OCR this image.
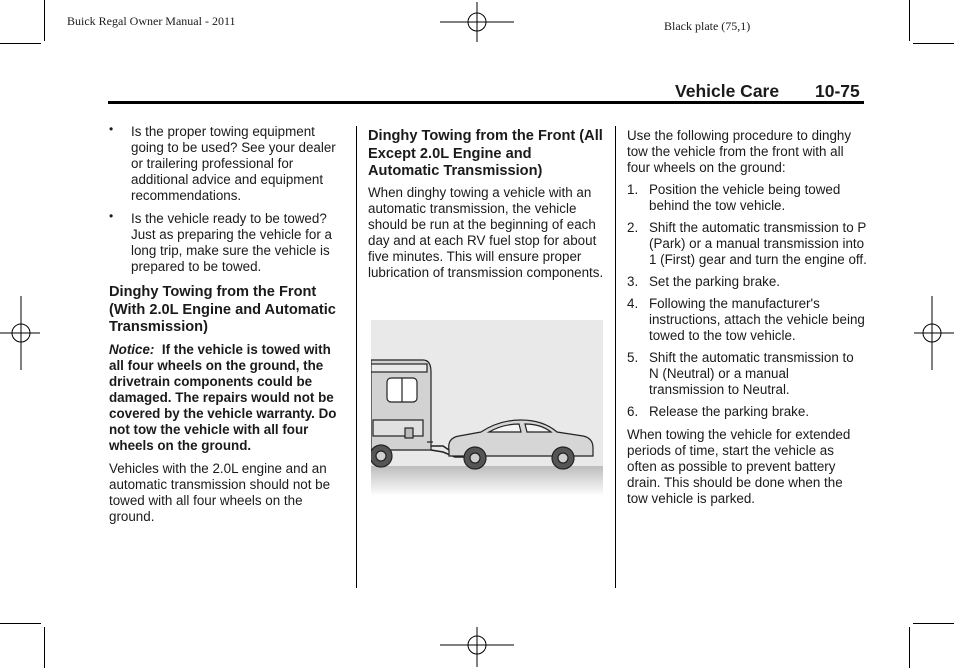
Buick Regal Owner Manual - 2011	Black plate (75,1)
Vehicle Care 10-75
• Is the proper towing equipment going to be used? See your dealer or trailering professional for additional advice and equipment recommendations.

• Is the vehicle ready to be towed? Just as preparing the vehicle for a long trip, make sure the vehicle is prepared to be towed.

Dinghy Towing from the Front (With 2.0L Engine and Automatic Transmission)

Notice: If the vehicle is towed with all four wheels on the ground, the drivetrain components could be damaged. The repairs would not be covered by the vehicle warranty. Do not tow the vehicle with all four wheels on the ground.

Vehicles with the 2.0L engine and an automatic transmission should not be towed with all four wheels on the ground.

Dinghy Towing from the Front (All Except 2.0L Engine and Automatic Transmission)

When dinghy towing a vehicle with an automatic transmission, the vehicle should be run at the beginning of each day and at each RV fuel stop for about five minutes. This will ensure proper lubrication of transmission components.

Use the following procedure to dinghy tow the vehicle from the front with all four wheels on the ground:

1. Position the vehicle being towed behind the tow vehicle.

2. Shift the automatic transmission to P (Park) or a manual transmission into 1 (First) gear and turn the engine off.

3. Set the parking brake.

4. Following the manufacturer's instructions, attach the vehicle being towed to the tow vehicle.

5. Shift the automatic transmission to N (Neutral) or a manual transmission to Neutral.

6. Release the parking brake.

When towing the vehicle for extended periods of time, start the vehicle as often as possible to prevent battery drain. This should be done when the tow vehicle is parked.
